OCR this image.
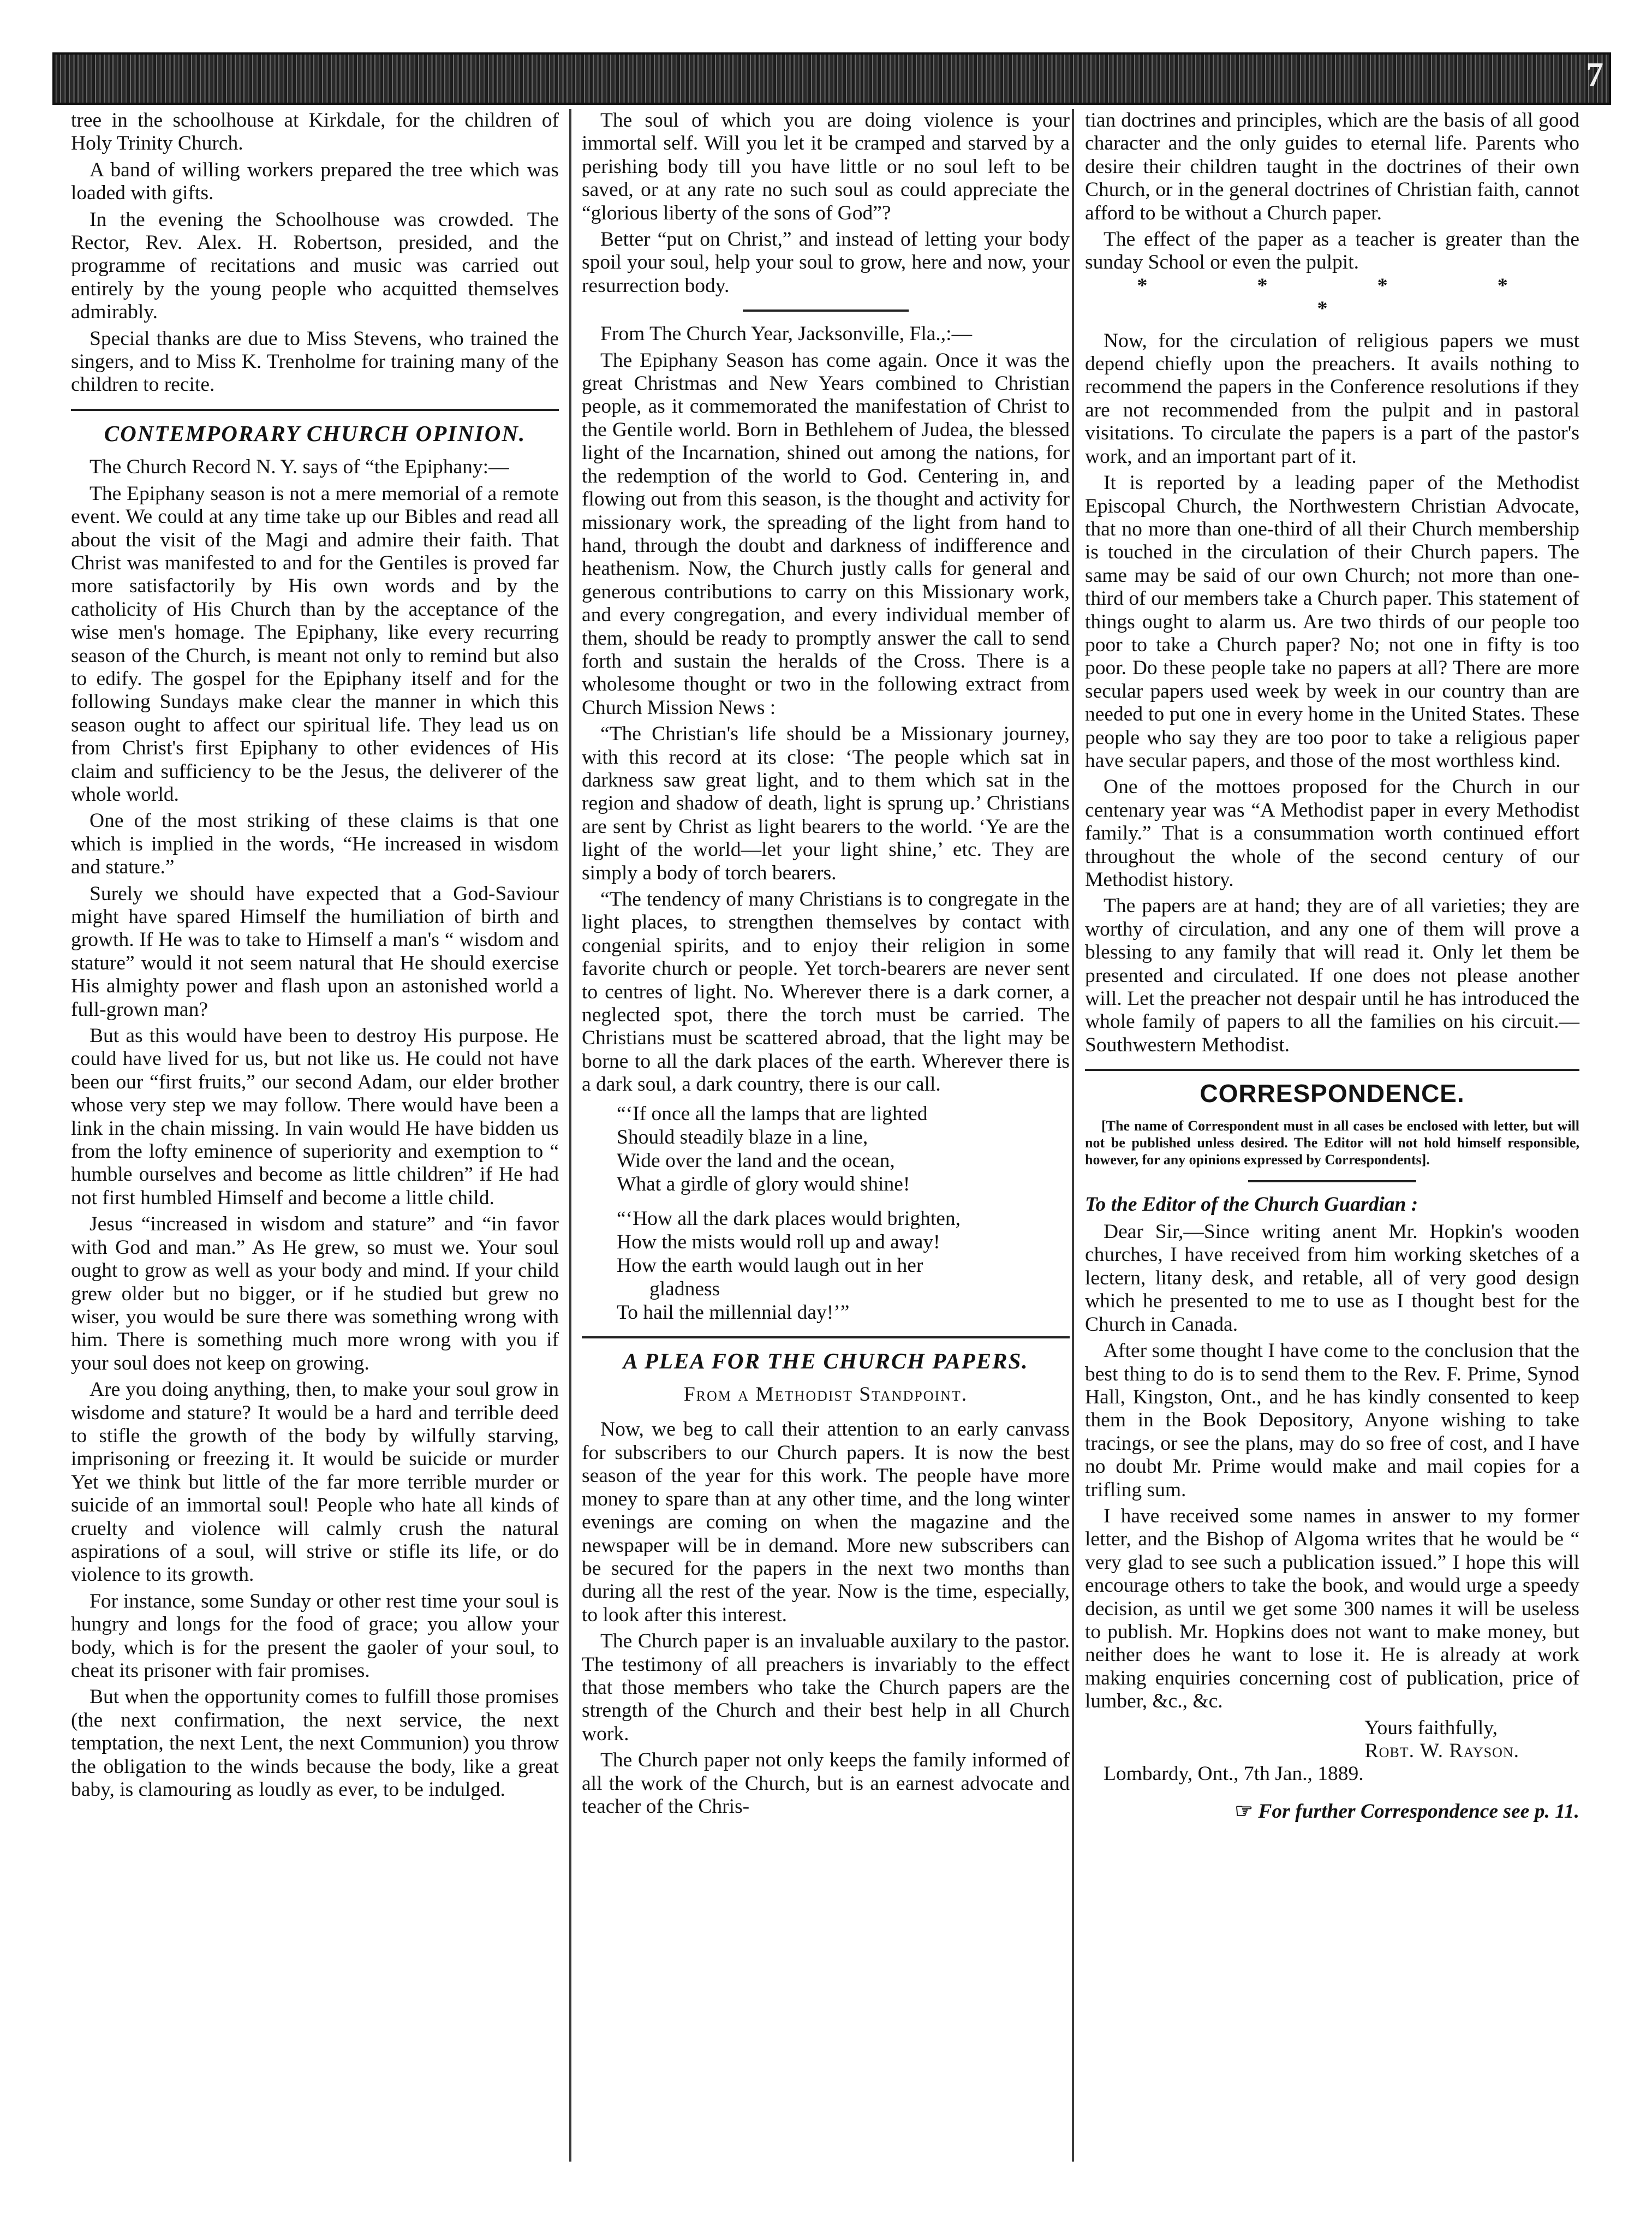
7

tree in the schoolhouse at Kirkdale, for the children of Holy Trinity Church.

A band of willing workers prepared the tree which was loaded with gifts.

In the evening the Schoolhouse was crowded. The Rector, Rev. Alex. H. Robertson, presided, and the programme of recitations and music was carried out entirely by the young people who acquitted themselves admirably.

Special thanks are due to Miss Stevens, who trained the singers, and to Miss K. Trenholme for training many of the children to recite.

CONTEMPORARY CHURCH OPINION.

The Church Record N. Y. says of “the Epiphany:—

The Epiphany season is not a mere memorial of a remote event. We could at any time take up our Bibles and read all about the visit of the Magi and admire their faith. That Christ was manifested to and for the Gentiles is proved far more satisfactorily by His own words and by the catholicity of His Church than by the acceptance of the wise men's homage. The Epiphany, like every recurring season of the Church, is meant not only to remind but also to edify. The gospel for the Epiphany itself and for the following Sundays make clear the manner in which this season ought to affect our spiritual life. They lead us on from Christ's first Epiphany to other evidences of His claim and sufficiency to be the Jesus, the deliverer of the whole world.

One of the most striking of these claims is that one which is implied in the words, “He increased in wisdom and stature.”

Surely we should have expected that a God-Saviour might have spared Himself the humiliation of birth and growth. If He was to take to Himself a man's “ wisdom and stature” would it not seem natural that He should exercise His almighty power and flash upon an astonished world a full-grown man?

But as this would have been to destroy His purpose. He could have lived for us, but not like us. He could not have been our “first fruits,” our second Adam, our elder brother whose very step we may follow. There would have been a link in the chain missing. In vain would He have bidden us from the lofty eminence of superiority and exemption to “ humble ourselves and become as little children” if He had not first humbled Himself and become a little child.

Jesus “increased in wisdom and stature” and “in favor with God and man.” As He grew, so must we. Your soul ought to grow as well as your body and mind. If your child grew older but no bigger, or if he studied but grew no wiser, you would be sure there was something wrong with him. There is something much more wrong with you if your soul does not keep on growing.

Are you doing anything, then, to make your soul grow in wisdome and stature? It would be a hard and terrible deed to stifle the growth of the body by wilfully starving, imprisoning or freezing it. It would be suicide or murder Yet we think but little of the far more terrible murder or suicide of an immortal soul! People who hate all kinds of cruelty and violence will calmly crush the natural aspirations of a soul, will strive or stifle its life, or do violence to its growth.

For instance, some Sunday or other rest time your soul is hungry and longs for the food of grace; you allow your body, which is for the present the gaoler of your soul, to cheat its prisoner with fair promises.

But when the opportunity comes to fulfill those promises (the next confirmation, the next service, the next temptation, the next Lent, the next Communion) you throw the obligation to the winds because the body, like a great baby, is clamouring as loudly as ever, to be indulged.

The soul of which you are doing violence is your immortal self. Will you let it be cramped and starved by a perishing body till you have little or no soul left to be saved, or at any rate no such soul as could appreciate the “glorious liberty of the sons of God”?

Better “put on Christ,” and instead of letting your body spoil your soul, help your soul to grow, here and now, your resurrection body.

From The Church Year, Jacksonville, Fla.,:—

The Epiphany Season has come again. Once it was the great Christmas and New Years combined to Christian people, as it commemorated the manifestation of Christ to the Gentile world. Born in Bethlehem of Judea, the blessed light of the Incarnation, shined out among the nations, for the redemption of the world to God. Centering in, and flowing out from this season, is the thought and activity for missionary work, the spreading of the light from hand to hand, through the doubt and darkness of indifference and heathenism. Now, the Church justly calls for general and generous contributions to carry on this Missionary work, and every congregation, and every individual member of them, should be ready to promptly answer the call to send forth and sustain the heralds of the Cross. There is a wholesome thought or two in the following extract from Church Mission News :

“The Christian's life should be a Missionary journey, with this record at its close: ‘The people which sat in darkness saw great light, and to them which sat in the region and shadow of death, light is sprung up.’ Christians are sent by Christ as light bearers to the world. ‘Ye are the light of the world—let your light shine,’ etc. They are simply a body of torch bearers.

“The tendency of many Christians is to congregate in the light places, to strengthen themselves by contact with congenial spirits, and to enjoy their religion in some favorite church or people. Yet torch-bearers are never sent to centres of light. No. Wherever there is a dark corner, a neglected spot, there the torch must be carried. The Christians must be scattered abroad, that the light may be borne to all the dark places of the earth. Wherever there is a dark soul, a dark country, there is our call.

“‘If once all the lamps that are lighted
Should steadily blaze in a line,
Wide over the land and the ocean,
What a girdle of glory would shine!
“‘How all the dark places would brighten,
How the mists would roll up and away!
How the earth would laugh out in her
gladness
To hail the millennial day!’”
A PLEA FOR THE CHURCH PAPERS.
From a Methodist Standpoint.

Now, we beg to call their attention to an early canvass for subscribers to our Church papers. It is now the best season of the year for this work. The people have more money to spare than at any other time, and the long winter evenings are coming on when the magazine and the newspaper will be in demand. More new subscribers can be secured for the papers in the next two months than during all the rest of the year. Now is the time, especially, to look after this interest.

The Church paper is an invaluable auxilary to the pastor. The testimony of all preachers is invariably to the effect that those members who take the Church papers are the strength of the Church and their best help in all Church work.

The Church paper not only keeps the family informed of all the work of the Church, but is an earnest advocate and teacher of the Chris-

tian doctrines and principles, which are the basis of all good character and the only guides to eternal life. Parents who desire their children taught in the doctrines of their own Church, or in the general doctrines of Christian faith, cannot afford to be without a Church paper.

The effect of the paper as a teacher is greater than the sunday School or even the pulpit.

* * * * *

Now, for the circulation of religious papers we must depend chiefly upon the preachers. It avails nothing to recommend the papers in the Conference resolutions if they are not recommended from the pulpit and in pastoral visitations. To circulate the papers is a part of the pastor's work, and an important part of it.

It is reported by a leading paper of the Methodist Episcopal Church, the Northwestern Christian Advocate, that no more than one-third of all their Church membership is touched in the circulation of their Church papers. The same may be said of our own Church; not more than one-third of our members take a Church paper. This statement of things ought to alarm us. Are two thirds of our people too poor to take a Church paper? No; not one in fifty is too poor. Do these people take no papers at all? There are more secular papers used week by week in our country than are needed to put one in every home in the United States. These people who say they are too poor to take a religious paper have secular papers, and those of the most worthless kind.

One of the mottoes proposed for the Church in our centenary year was “A Methodist paper in every Methodist family.” That is a consummation worth continued effort throughout the whole of the second century of our Methodist history.

The papers are at hand; they are of all varieties; they are worthy of circulation, and any one of them will prove a blessing to any family that will read it. Only let them be presented and circulated. If one does not please another will. Let the preacher not despair until he has introduced the whole family of papers to all the families on his circuit.—Southwestern Methodist.

CORRESPONDENCE.

[The name of Correspondent must in all cases be enclosed with letter, but will not be published unless desired. The Editor will not hold himself responsible, however, for any opinions expressed by Correspondents].

To the Editor of the Church Guardian :

Dear Sir,—Since writing anent Mr. Hopkin's wooden churches, I have received from him working sketches of a lectern, litany desk, and retable, all of very good design which he presented to me to use as I thought best for the Church in Canada.

After some thought I have come to the conclusion that the best thing to do is to send them to the Rev. F. Prime, Synod Hall, Kingston, Ont., and he has kindly consented to keep them in the Book Depository, Anyone wishing to take tracings, or see the plans, may do so free of cost, and I have no doubt Mr. Prime would make and mail copies for a trifling sum.

I have received some names in answer to my former letter, and the Bishop of Algoma writes that he would be “ very glad to see such a publication issued.” I hope this will encourage others to take the book, and would urge a speedy decision, as until we get some 300 names it will be useless to publish. Mr. Hopkins does not want to make money, but neither does he want to lose it. He is already at work making enquiries concerning cost of publication, price of lumber, &c., &c.

Yours faithfully,
Robt. W. Rayson.

Lombardy, Ont., 7th Jan., 1889.

☞ For further Correspondence see p. 11.
